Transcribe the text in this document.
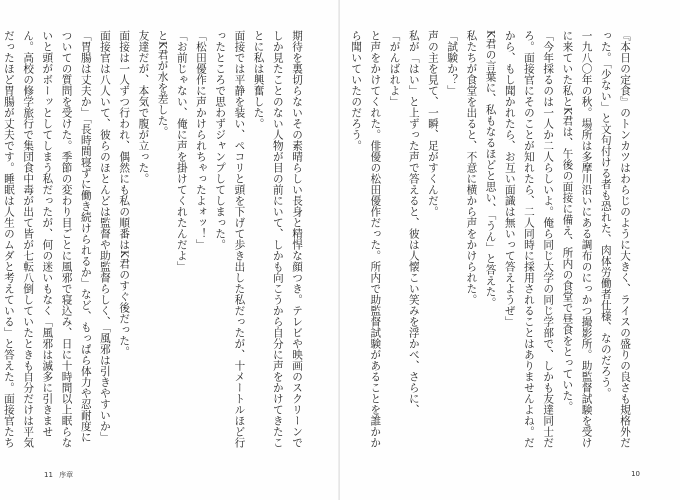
期待を裏切らないその素晴らしい長身と精悍な顔つき。テレビや映画のスクリーンでしか見たことのない人物が目の前にいて、しかも向こうから自分に声をかけてきたことに私は興奮した。

面接では平静を装い、ペコリと頭を下げて歩き出した私だったが、十メートルほど行ったところで思わずジャンプしてしまった。

「松田優作に声かけられちゃったよォッ！」

「お前じゃない、俺に声を掛けてくれたんだよ」

とK君が水を差した。

友達だが、本気で腹が立った。

面接は一人ずつ行われ、偶然にも私の順番はK君のすぐ後だった。

面接官は八人いて、彼らのほとんどは監督や助監督らしく、「風邪は引きやすいか」「胃腸は丈夫か」「長時間寝ずに働き続けられるか」など、もっぱら体力や忍耐度についての質問を受けた。季節の変わり目ごとに風邪で寝込み、日に十時間以上眠らないと頭がボーッとしてしまう私だったが、何の迷いもなく「風邪は滅多に引きません。高校の修学旅行で集団食中毒が出て皆が七転八倒していたときも自分だけは平気だったほど胃腸が丈夫です。睡眠は人生のムダと考えている」と答えた。面接官たち

11 序章

『本日の定食』のトンカツはわらじのように大きく、ライスの盛りの良さも規格外だった。「少ない」と文句付ける者も恐れた、肉体労働者仕様、なのだろう。

一九八〇年の秋。場所は多摩川沿いにある調布のにっかつ撮影所。助監督試験を受けに来ていた私とK君は、午後の面接に備え、所内の食堂で昼食をとっていた。

「今年採るのは一人か二人らしいよ。俺ら同じ大学の同じ学部で、しかも友達同士だろ。面接官にそのことが知れたら、二人同時に採用されることはありませんよね。だから、もし聞かれたら、お互い面識は無いって答えようぜ」

K君の言葉に、私もなるほどと思い、「うん」と答えた。

私たちが食堂を出ると、不意に横から声をかけられた。

「試験か？」

声の主を見て、一瞬、足がすくんだ。

私が「はい」と上ずった声で答えると、彼は人懐こい笑みを浮かべ、さらに、

「がんばれよ」

と声をかけてくれた。俳優の松田優作だった。所内で助監督試験があることを誰かから聞いていたのだろう。

10
